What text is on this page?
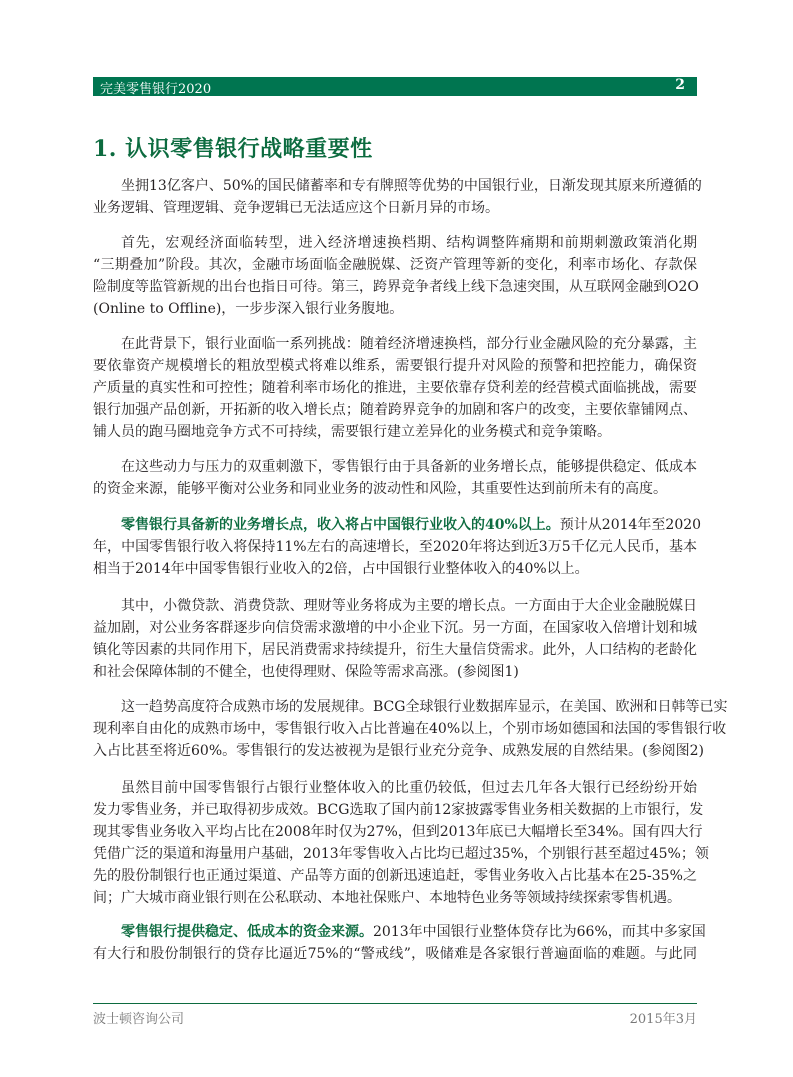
完美零售银行2020	2
1. 认识零售银行战略重要性
坐拥13亿客户、50%的国民储蓄率和专有牌照等优势的中国银行业，日渐发现其原来所遵循的
业务逻辑、管理逻辑、竞争逻辑已无法适应这个日新月异的市场。
首先，宏观经济面临转型，进入经济增速换档期、结构调整阵痛期和前期刺激政策消化期
“三期叠加”阶段。其次，金融市场面临金融脱媒、泛资产管理等新的变化，利率市场化、存款保
险制度等监管新规的出台也指日可待。第三，跨界竞争者线上线下急速突围，从互联网金融到O2O
(Online to Offline)，一步步深入银行业务腹地。
在此背景下，银行业面临一系列挑战：随着经济增速换档，部分行业金融风险的充分暴露，主
要依靠资产规模增长的粗放型模式将难以维系，需要银行提升对风险的预警和把控能力，确保资
产质量的真实性和可控性；随着利率市场化的推进，主要依靠存贷利差的经营模式面临挑战，需要
银行加强产品创新，开拓新的收入增长点；随着跨界竞争的加剧和客户的改变，主要依靠铺网点、
铺人员的跑马圈地竞争方式不可持续，需要银行建立差异化的业务模式和竞争策略。
在这些动力与压力的双重刺激下，零售银行由于具备新的业务增长点，能够提供稳定、低成本
的资金来源，能够平衡对公业务和同业业务的波动性和风险，其重要性达到前所未有的高度。
零售银行具备新的业务增长点，收入将占中国银行业收入的40%以上。预计从2014年至2020
年，中国零售银行收入将保持11%左右的高速增长，至2020年将达到近3万5千亿元人民币，基本
相当于2014年中国零售银行业收入的2倍，占中国银行业整体收入的40%以上。
其中，小微贷款、消费贷款、理财等业务将成为主要的增长点。一方面由于大企业金融脱媒日
益加剧，对公业务客群逐步向信贷需求激增的中小企业下沉。另一方面，在国家收入倍增计划和城
镇化等因素的共同作用下，居民消费需求持续提升，衍生大量信贷需求。此外，人口结构的老龄化
和社会保障体制的不健全，也使得理财、保险等需求高涨。(参阅图1)
这一趋势高度符合成熟市场的发展规律。BCG全球银行业数据库显示，在美国、欧洲和日韩等已实
现利率自由化的成熟市场中，零售银行收入占比普遍在40%以上，个别市场如德国和法国的零售银行收
入占比甚至将近60%。零售银行的发达被视为是银行业充分竞争、成熟发展的自然结果。(参阅图2)
虽然目前中国零售银行占银行业整体收入的比重仍较低，但过去几年各大银行已经纷纷开始
发力零售业务，并已取得初步成效。BCG选取了国内前12家披露零售业务相关数据的上市银行，发
现其零售业务收入平均占比在2008年时仅为27%，但到2013年底已大幅增长至34%。国有四大行
凭借广泛的渠道和海量用户基础，2013年零售收入占比均已超过35%，个别银行甚至超过45%；领
先的股份制银行也正通过渠道、产品等方面的创新迅速追赶，零售业务收入占比基本在25-35%之
间；广大城市商业银行则在公私联动、本地社保账户、本地特色业务等领域持续探索零售机遇。
零售银行提供稳定、低成本的资金来源。2013年中国银行业整体贷存比为66%，而其中多家国
有大行和股份制银行的贷存比逼近75%的“警戒线”，吸储难是各家银行普遍面临的难题。与此同
波士顿咨询公司	2015年3月
